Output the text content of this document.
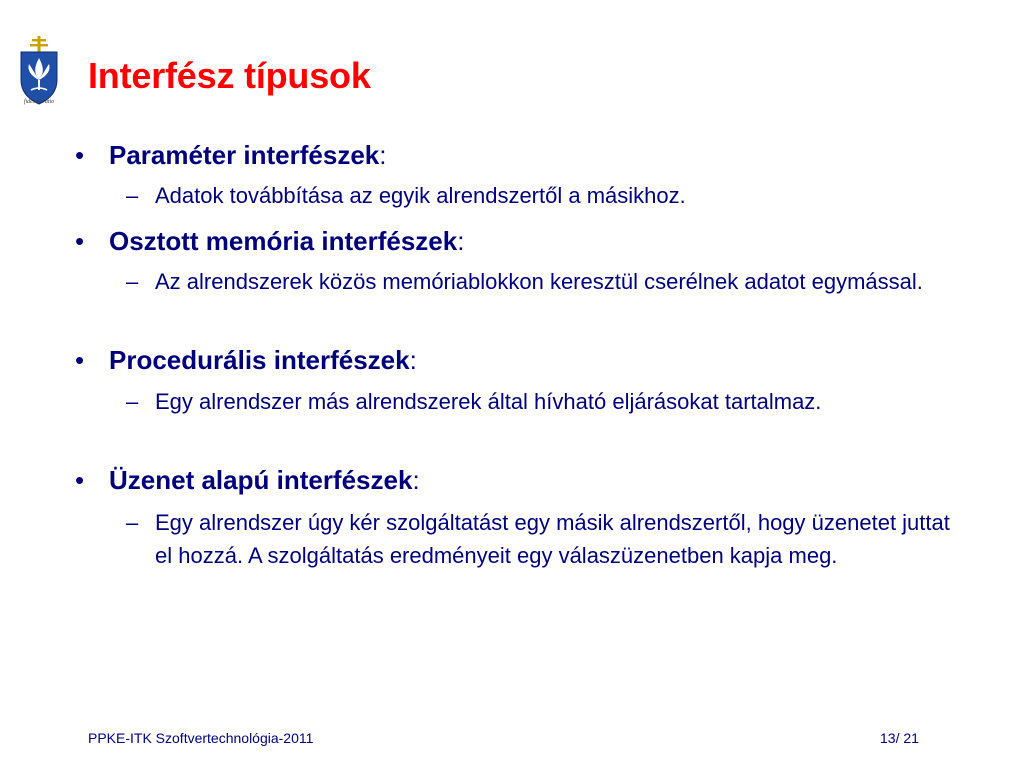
fides et ratio
Interfész típusok
• Paraméter interfészek:
– Adatok továbbítása az egyik alrendszertől a másikhoz.
• Osztott memória interfészek:
– Az alrendszerek közös memóriablokkon keresztül cserélnek adatot egymással.
• Procedurális interfészek:
– Egy alrendszer más alrendszerek által hívható eljárásokat tartalmaz.
• Üzenet alapú interfészek:
– Egy alrendszer úgy kér szolgáltatást egy másik alrendszertől, hogy üzenetet juttat el hozzá. A szolgáltatás eredményeit egy válaszüzenetben kapja meg.
PPKE-ITK Szoftvertechnológia-2011	13/ 21
